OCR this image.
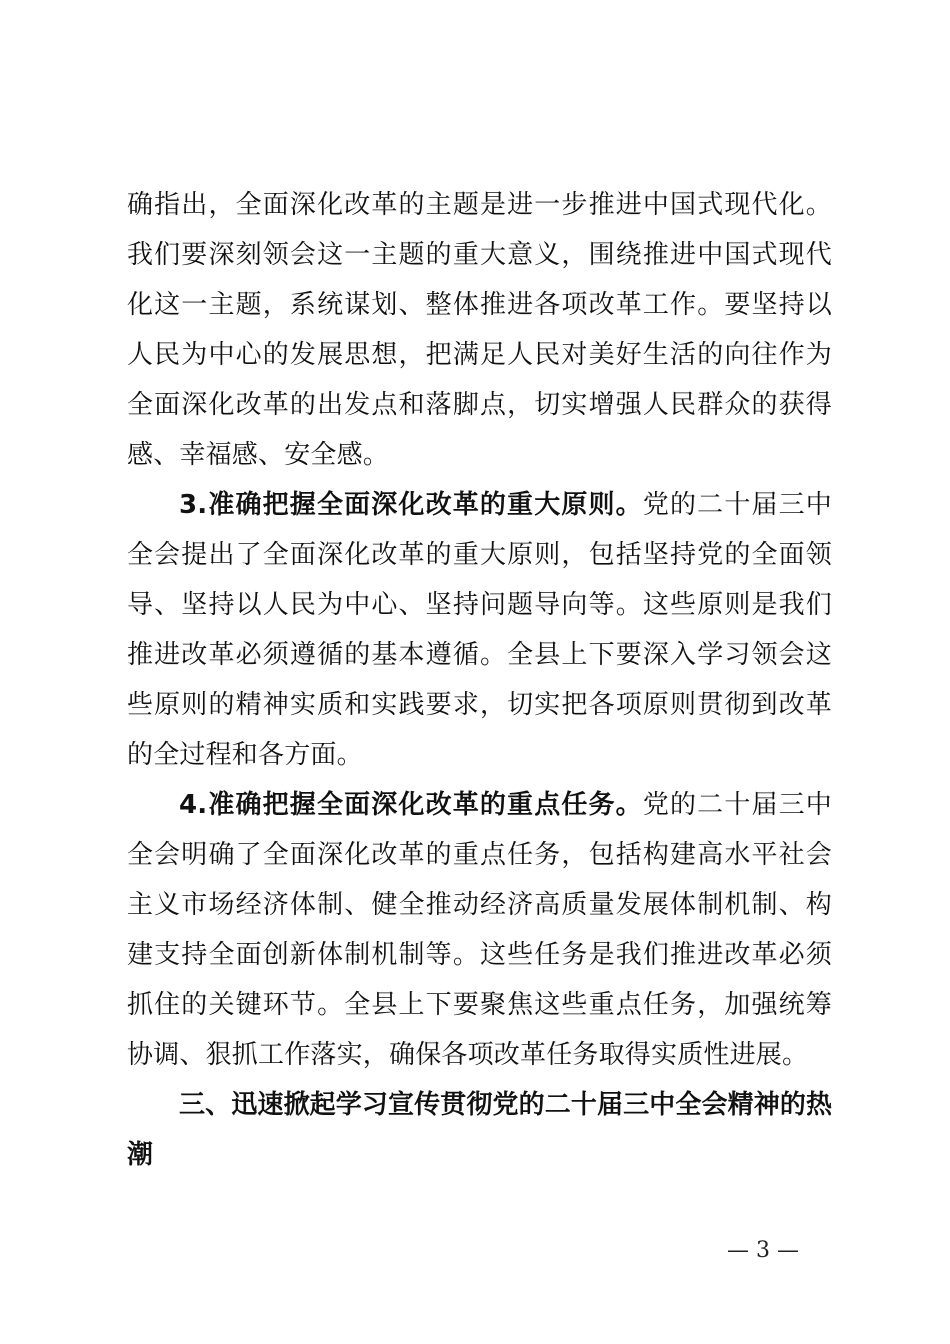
确指出，全面深化改革的主题是进一步推进中国式现代化。我们要深刻领会这一主题的重大意义，围绕推进中国式现代化这一主题，系统谋划、整体推进各项改革工作。要坚持以人民为中心的发展思想，把满足人民对美好生活的向往作为全面深化改革的出发点和落脚点，切实增强人民群众的获得感、幸福感、安全感。

3.准确把握全面深化改革的重大原则。党的二十届三中全会提出了全面深化改革的重大原则，包括坚持党的全面领导、坚持以人民为中心、坚持问题导向等。这些原则是我们推进改革必须遵循的基本遵循。全县上下要深入学习领会这些原则的精神实质和实践要求，切实把各项原则贯彻到改革的全过程和各方面。

4.准确把握全面深化改革的重点任务。党的二十届三中全会明确了全面深化改革的重点任务，包括构建高水平社会主义市场经济体制、健全推动经济高质量发展体制机制、构建支持全面创新体制机制等。这些任务是我们推进改革必须抓住的关键环节。全县上下要聚焦这些重点任务，加强统筹协调、狠抓工作落实，确保各项改革任务取得实质性进展。

三、迅速掀起学习宣传贯彻党的二十届三中全会精神的热潮

— 3 —
